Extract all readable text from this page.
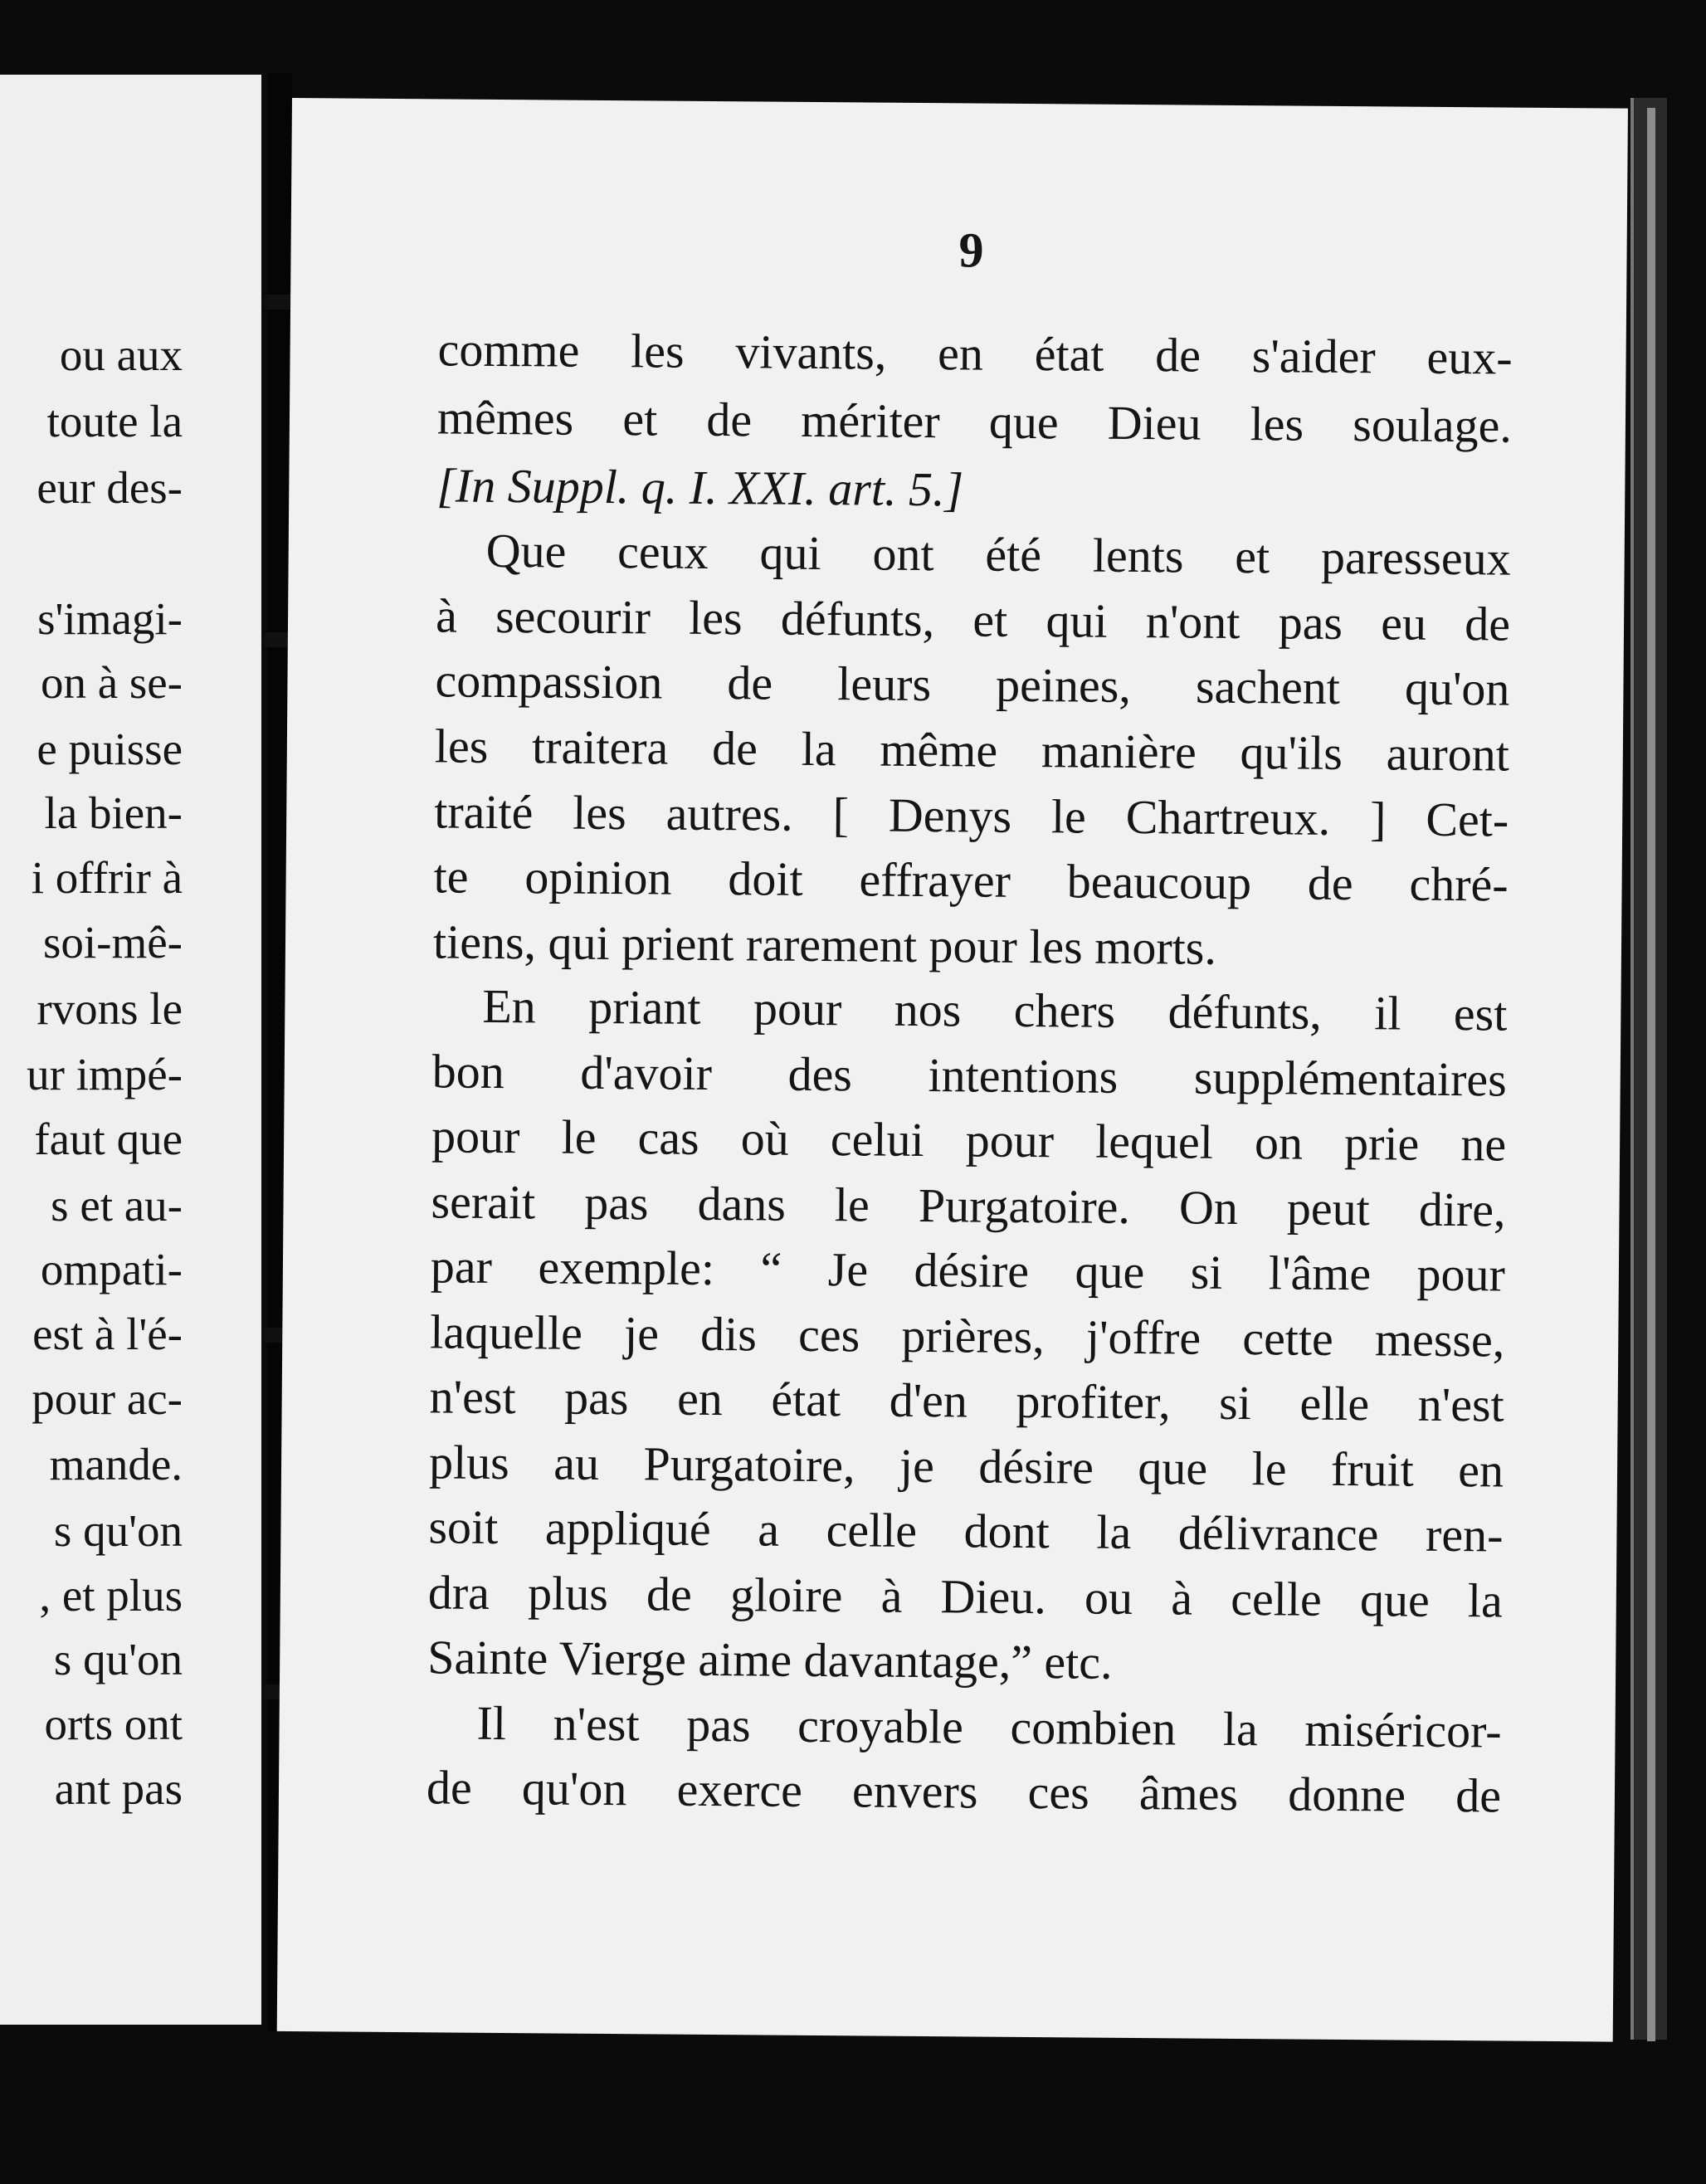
ou aux
toute la
eur des-
s'imagi-
on à se-
e puisse
la bien-
i offrir à
soi-mê-
rvons le
ur impé-
faut que
s et au-
ompati-
est à l'é-
pour ac-
mande.
s qu'on
, et plus
s qu'on
orts ont
ant pas
9
comme les vivants, en état de s'aider eux-
mêmes et de mériter que Dieu les soulage.
[In Suppl. q. I. XXI. art. 5.]
Que ceux qui ont été lents et paresseux
à secourir les défunts, et qui n'ont pas eu de
compassion de leurs peines, sachent qu'on
les traitera de la même manière qu'ils auront
traité les autres. [ Denys le Chartreux. ] Cet-
te opinion doit effrayer beaucoup de chré-
tiens, qui prient rarement pour les morts.
En priant pour nos chers défunts, il est
bon d'avoir des intentions supplémentaires
pour le cas où celui pour lequel on prie ne
serait pas dans le Purgatoire. On peut dire,
par exemple: “ Je désire que si l'âme pour
laquelle je dis ces prières, j'offre cette messe,
n'est pas en état d'en profiter, si elle n'est
plus au Purgatoire, je désire que le fruit en
soit appliqué a celle dont la délivrance ren-
dra plus de gloire à Dieu. ou à celle que la
Sainte Vierge aime davantage,” etc.
Il n'est pas croyable combien la miséricor-
de qu'on exerce envers ces âmes donne de
